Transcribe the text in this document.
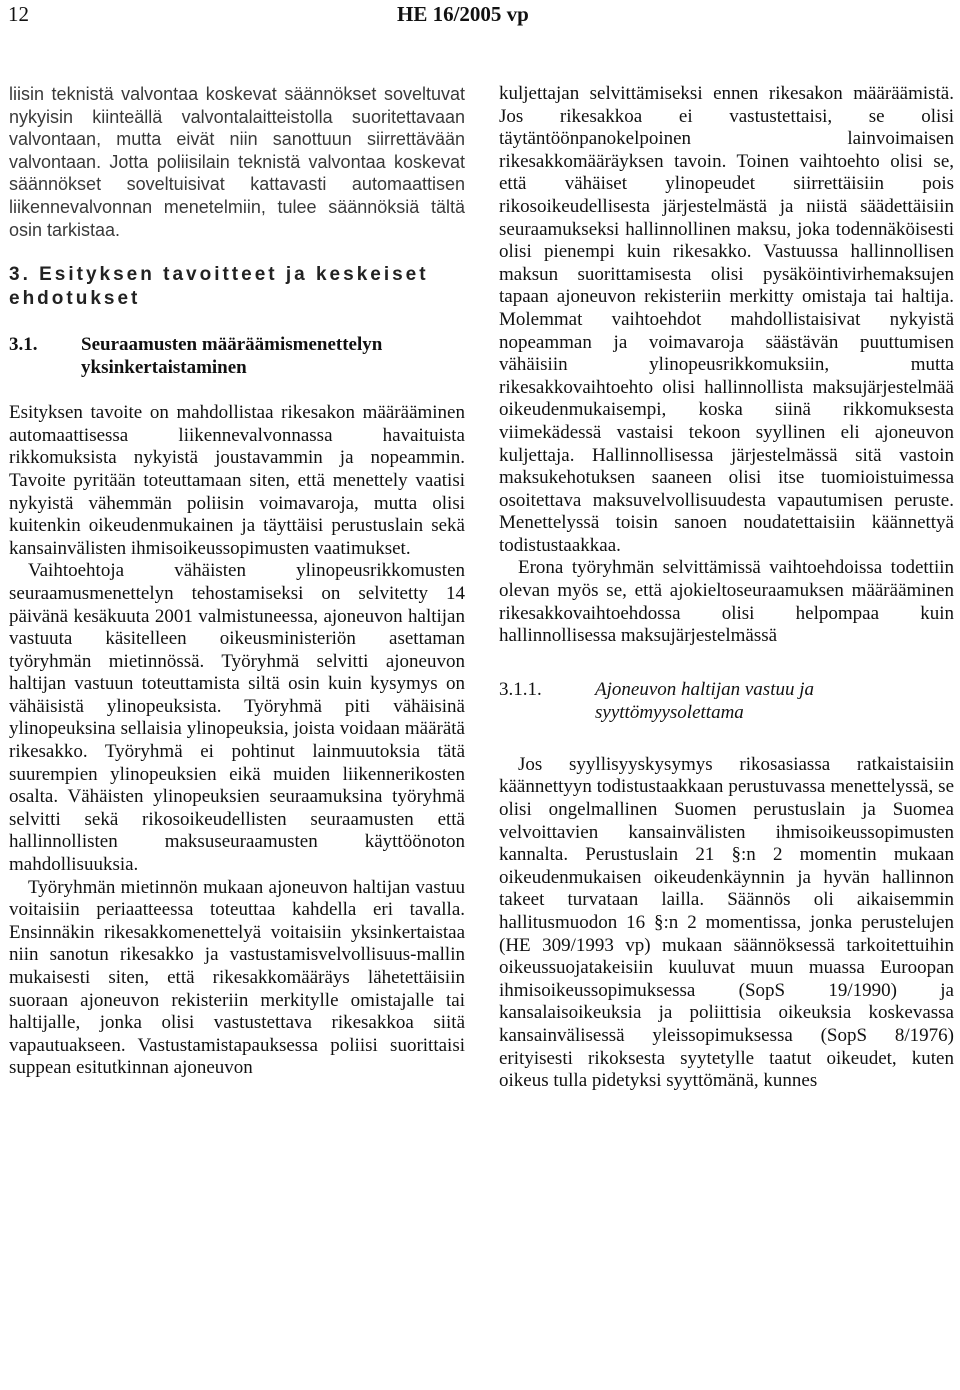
12	HE 16/2005 vp

liisin teknistä valvontaa koskevat säännökset soveltuvat nykyisin kiinteällä valvontalaitteistolla suoritettavaan valvontaan, mutta eivät niin sanottuun siirrettävään valvontaan. Jotta poliisilain teknistä valvontaa koskevat säännökset soveltuisivat kattavasti automaattisen liikennevalvonnan menetelmiin, tulee säännöksiä tältä osin tarkistaa.

3. Esityksen tavoitteet ja keskeiset ehdotukset
3.1.	Seuraamusten määräämismenettelyn yksinkertaistaminen

Esityksen tavoite on mahdollistaa rikesakon määrääminen automaattisessa liikennevalvonnassa havaituista rikkomuksista nykyistä joustavammin ja nopeammin. Tavoite pyritään toteuttamaan siten, että menettely vaatisi nykyistä vähemmän poliisin voimavaroja, mutta olisi kuitenkin oikeudenmukainen ja täyttäisi perustuslain sekä kansainvälisten ihmisoikeussopimusten vaatimukset.

Vaihtoehtoja vähäisten ylinopeusrikkomusten seuraamusmenettelyn tehostamiseksi on selvitetty 14 päivänä kesäkuuta 2001 valmistuneessa, ajoneuvon haltijan vastuuta käsitelleen oikeusministeriön asettaman työryhmän mietinnössä. Työryhmä selvitti ajoneuvon haltijan vastuun toteuttamista siltä osin kuin kysymys on vähäisistä ylinopeuksista. Työryhmä piti vähäisinä ylinopeuksina sellaisia ylinopeuksia, joista voidaan määrätä rikesakko. Työryhmä ei pohtinut lainmuutoksia tätä suurempien ylinopeuksien eikä muiden liikennerikosten osalta. Vähäisten ylinopeuksien seuraamuksina työryhmä selvitti sekä rikosoikeudellisten seuraamusten että hallinnollisten maksuseuraamusten käyttöönoton mahdollisuuksia.

Työryhmän mietinnön mukaan ajoneuvon haltijan vastuu voitaisiin periaatteessa toteuttaa kahdella eri tavalla. Ensinnäkin rikesakkomenettelyä voitaisiin yksinkertaistaa niin sanotun rikesakko ja vastustamisvelvollisuus-mallin mukaisesti siten, että rikesakkomääräys lähetettäisiin suoraan ajoneuvon rekisteriin merkitylle omistajalle tai haltijalle, jonka olisi vastustettava rikesakkoa siitä vapautuakseen. Vastustamistapauksessa poliisi suorittaisi suppean esitutkinnan ajoneuvon

kuljettajan selvittämiseksi ennen rikesakon määräämistä. Jos rikesakkoa ei vastustettaisi, se olisi täytäntöönpanokelpoinen lainvoimaisen rikesakkomääräyksen tavoin. Toinen vaihtoehto olisi se, että vähäiset ylinopeudet siirrettäisiin pois rikosoikeudellisesta järjestelmästä ja niistä säädettäisiin seuraamukseksi hallinnollinen maksu, joka todennäköisesti olisi pienempi kuin rikesakko. Vastuussa hallinnollisen maksun suorittamisesta olisi pysäköintivirhemaksujen tapaan ajoneuvon rekisteriin merkitty omistaja tai haltija. Molemmat vaihtoehdot mahdollistaisivat nykyistä nopeamman ja voimavaroja säästävän puuttumisen vähäisiin ylinopeusrikkomuksiin, mutta rikesakkovaihtoehto olisi hallinnollista maksujärjestelmää oikeudenmukaisempi, koska siinä rikkomuksesta viimekädessä vastaisi tekoon syyllinen eli ajoneuvon kuljettaja. Hallinnollisessa järjestelmässä sitä vastoin maksukehotuksen saaneen olisi itse tuomioistuimessa osoitettava maksuvelvollisuudesta vapautumisen peruste. Menettelyssä toisin sanoen noudatettaisiin käännettyä todistustaakkaa.

Erona työryhmän selvittämissä vaihtoehdoissa todettiin olevan myös se, että ajokieltoseuraamuksen määrääminen rikesakkovaihtoehdossa olisi helpompaa kuin hallinnollisessa maksujärjestelmässä

3.1.1.	Ajoneuvon haltijan vastuu ja syyttömyysolettama

Jos syyllisyyskysymys rikosasiassa ratkaistaisiin käännettyyn todistustaakkaan perustuvassa menettelyssä, se olisi ongelmallinen Suomen perustuslain ja Suomea velvoittavien kansainvälisten ihmisoikeussopimusten kannalta. Perustuslain 21 §:n 2 momentin mukaan oikeudenmukaisen oikeudenkäynnin ja hyvän hallinnon takeet turvataan lailla. Säännös oli aikaisemmin hallitusmuodon 16 §:n 2 momentissa, jonka perustelujen (HE 309/1993 vp) mukaan säännöksessä tarkoitettuihin oikeussuojatakeisiin kuuluvat muun muassa Euroopan ihmisoikeussopimuksessa (SopS 19/1990) ja kansalaisoikeuksia ja poliittisia oikeuksia koskevassa kansainvälisessä yleissopimuksessa (SopS 8/1976) erityisesti rikoksesta syytetylle taatut oikeudet, kuten oikeus tulla pidetyksi syyttömänä, kunnes
